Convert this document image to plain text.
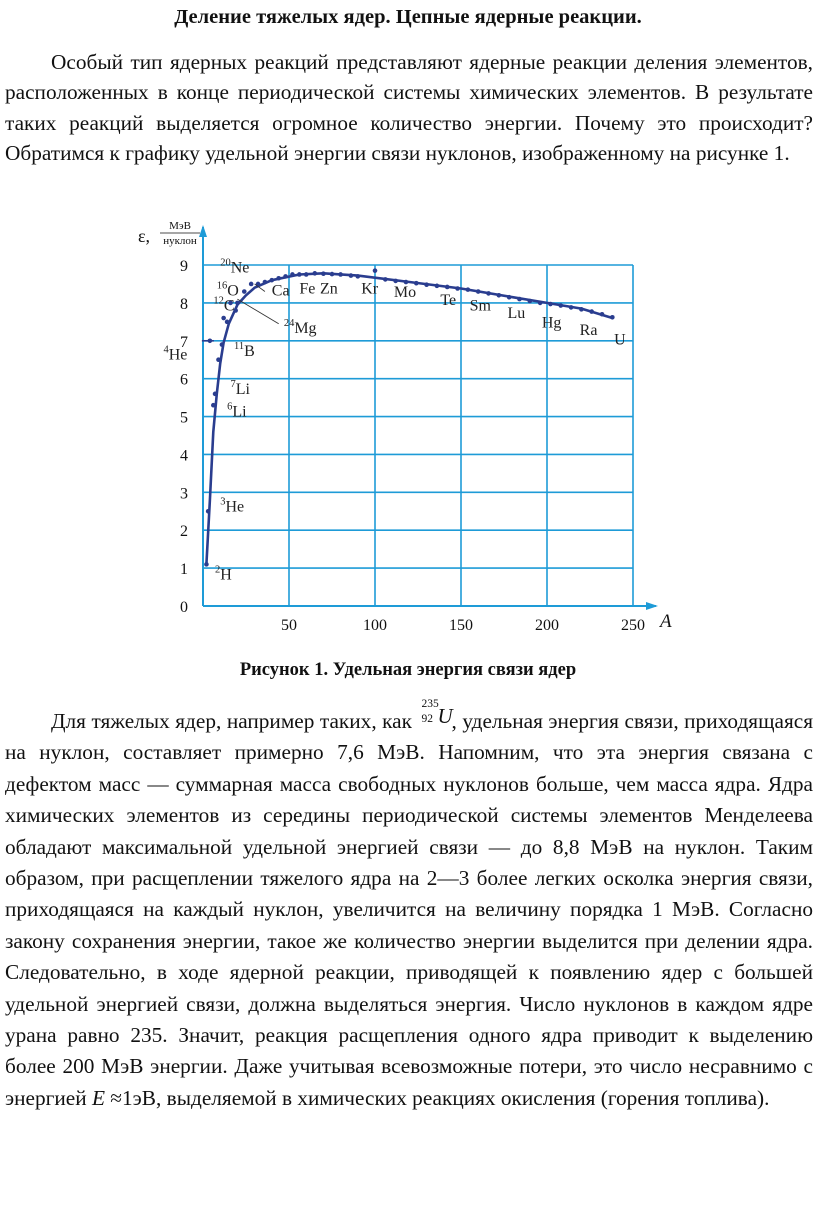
Деление тяжелых ядер. Цепные ядерные реакции.

Особый тип ядерных реакций представляют ядерные реакции деления элементов, расположенных в конце периодической системы химических элементов. В результате таких реакций выделяется огромное количество энергии. Почему это происходит? Обратимся к графику удельной энергии связи нуклонов, изображенному на рисунке 1.

0
1
2
3
4
5
6
7
8
9
50	100	150	200	250 A
ε, МэВ
нуклон
$^2$H
$^3$He
$^4$He
$^6$Li
$^7$Li
$^{11}$B
$^{12}$C
$^{16}$O
$^{20}$Ne
$^{24}$Mg
Ca Fe Zn Kr Mo Te Sm Lu
Hg Ra
U
Рисунок 1. Удельная энергия связи ядер

Для тяжелых ядер, например таких, как
235
92 U
, удельная энергия связи, приходящаяся на нуклон, составляет примерно 7,6 МэВ. Напомним, что эта энергия связана с дефектом масс — суммарная масса свободных нуклонов больше, чем масса ядра. Ядра химических элементов из середины периодической системы элементов Менделеева обладают максимальной удельной энергией связи — до 8,8 МэВ на нуклон. Таким образом, при расщеплении тяжелого ядра на 2—3 более легких осколка энергия связи, приходящаяся на каждый нуклон, увеличится на величину порядка 1 МэВ. Согласно закону сохранения энергии, такое же количество энергии выделится при делении ядра. Следовательно, в ходе ядерной реакции, приводящей к появлению ядер с большей удельной энергией связи, должна выделяться энергия. Число нуклонов в каждом ядре урана равно 235. Значит, реакция расщепления одного ядра приводит к выделению более 200 МэВ энергии. Даже учитывая всевозможные потери, это число несравнимо с энергией E ≈1эВ, выделяемой в химических реакциях окисления (горения топлива).
